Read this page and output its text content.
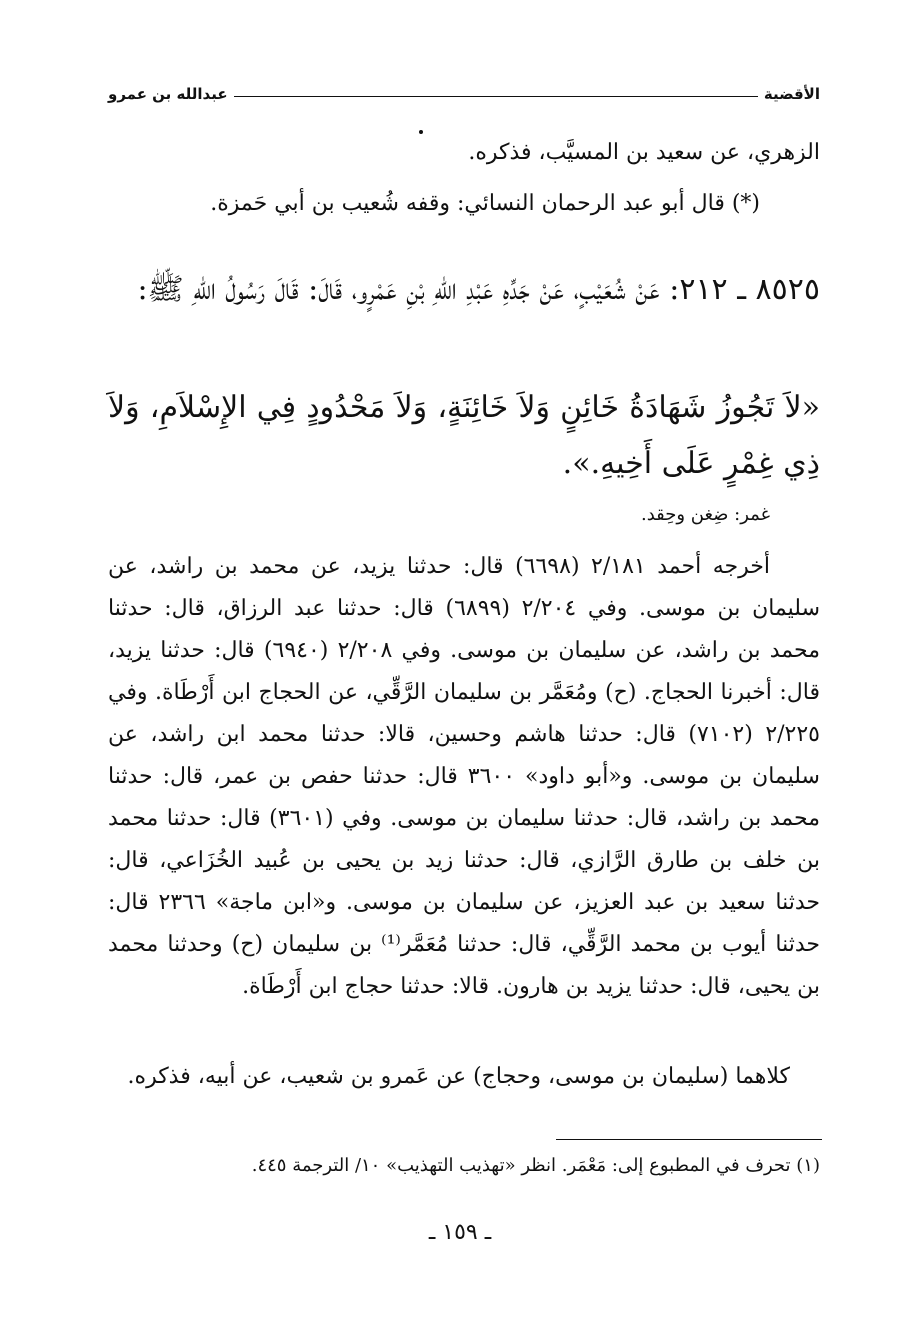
الأقضية
عبدالله بن عمرو

الزهري، عن سعيد بن المسيَّب، فذكره.

(*) قال أبو عبد الرحمان النسائي: وقفه شُعيب بن أبي حَمزة.

٨٥٢٥ ـ ٢١٢: عَنْ شُعَيْبٍ، عَنْ جَدِّهِ عَبْدِ اللهِ بْنِ عَمْرٍو، قَالَ: قَالَ رَسُولُ اللهِ ﷺ:

«لاَ تَجُوزُ شَهَادَةُ خَائِنٍ وَلاَ خَائِنَةٍ، وَلاَ مَحْدُودٍ فِي الإِسْلاَمِ، وَلاَ ذِي غِمْرٍ عَلَى أَخِيهِ.».

غمر: ضِغن وحِقد.

أخرجه أحمد ٢/١٨١ (٦٦٩٨) قال: حدثنا يزيد، عن محمد بن راشد، عن سليمان بن موسى. وفي ٢/٢٠٤ (٦٨٩٩) قال: حدثنا عبد الرزاق، قال: حدثنا محمد بن راشد، عن سليمان بن موسى. وفي ٢/٢٠٨ (٦٩٤٠) قال: حدثنا يزيد، قال: أخبرنا الحجاج. (ح) ومُعَمَّر بن سليمان الرَّقِّي، عن الحجاج ابن أَرْطَاة. وفي ٢/٢٢٥ (٧١٠٢) قال: حدثنا هاشم وحسين، قالا: حدثنا محمد ابن راشد، عن سليمان بن موسى. و«أبو داود» ٣٦٠٠ قال: حدثنا حفص بن عمر، قال: حدثنا محمد بن راشد، قال: حدثنا سليمان بن موسى. وفي (٣٦٠١) قال: حدثنا محمد بن خلف بن طارق الرَّازي، قال: حدثنا زيد بن يحيى بن عُبيد الخُزَاعي، قال: حدثنا سعيد بن عبد العزيز، عن سليمان بن موسى. و«ابن ماجة» ٢٣٦٦ قال: حدثنا أيوب بن محمد الرَّقِّي، قال: حدثنا مُعَمَّر⁽¹⁾ بن سليمان (ح) وحدثنا محمد بن يحيى، قال: حدثنا يزيد بن هارون. قالا: حدثنا حجاج ابن أَرْطَاة.

كلاهما (سليمان بن موسى، وحجاج) عن عَمرو بن شعيب، عن أبيه، فذكره.

(١) تحرف في المطبوع إلى: مَعْمَر. انظر «تهذيب التهذيب» ١٠/ الترجمة ٤٤٥.

ـ ١٥٩ ـ
